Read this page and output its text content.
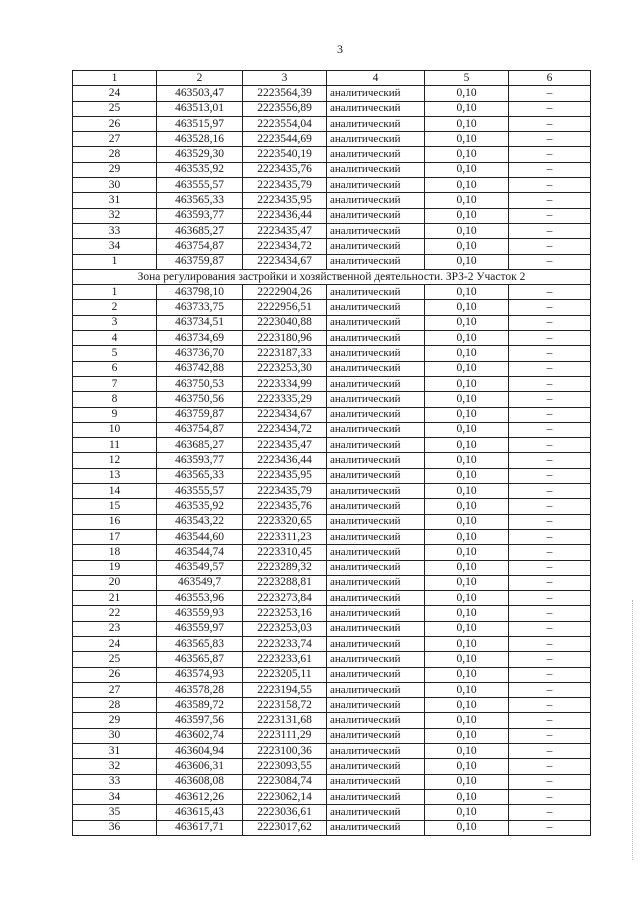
3
1	2	3	4	5	6
24	463503,47	2223564,39	аналитический	0,10	–
25	463513,01	2223556,89	аналитический	0,10	–
26	463515,97	2223554,04	аналитический	0,10	–
27	463528,16	2223544,69	аналитический	0,10	–
28	463529,30	2223540,19	аналитический	0,10	–
29	463535,92	2223435,76	аналитический	0,10	–
30	463555,57	2223435,79	аналитический	0,10	–
31	463565,33	2223435,95	аналитический	0,10	–
32	463593,77	2223436,44	аналитический	0,10	–
33	463685,27	2223435,47	аналитический	0,10	–
34	463754,87	2223434,72	аналитический	0,10	–
1	463759,87	2223434,67	аналитический	0,10	–
Зона регулирования застройки и хозяйственной деятельности. ЗРЗ-2 Участок 2					
1	463798,10	2222904,26	аналитический	0,10	–
2	463733,75	2222956,51	аналитический	0,10	–
3	463734,51	2223040,88	аналитический	0,10	–
4	463734,69	2223180,96	аналитический	0,10	–
5	463736,70	2223187,33	аналитический	0,10	–
6	463742,88	2223253,30	аналитический	0,10	–
7	463750,53	2223334,99	аналитический	0,10	–
8	463750,56	2223335,29	аналитический	0,10	–
9	463759,87	2223434,67	аналитический	0,10	–
10	463754,87	2223434,72	аналитический	0,10	–
11	463685,27	2223435,47	аналитический	0,10	–
12	463593,77	2223436,44	аналитический	0,10	–
13	463565,33	2223435,95	аналитический	0,10	–
14	463555,57	2223435,79	аналитический	0,10	–
15	463535,92	2223435,76	аналитический	0,10	–
16	463543,22	2223320,65	аналитический	0,10	–
17	463544,60	2223311,23	аналитический	0,10	–
18	463544,74	2223310,45	аналитический	0,10	–
19	463549,57	2223289,32	аналитический	0,10	–
20	463549,7	2223288,81	аналитический	0,10	–
21	463553,96	2223273,84	аналитический	0,10	–
22	463559,93	2223253,16	аналитический	0,10	–
23	463559,97	2223253,03	аналитический	0,10	–
24	463565,83	2223233,74	аналитический	0,10	–
25	463565,87	2223233,61	аналитический	0,10	–
26	463574,93	2223205,11	аналитический	0,10	–
27	463578,28	2223194,55	аналитический	0,10	–
28	463589,72	2223158,72	аналитический	0,10	–
29	463597,56	2223131,68	аналитический	0,10	–
30	463602,74	2223111,29	аналитический	0,10	–
31	463604,94	2223100,36	аналитический	0,10	–
32	463606,31	2223093,55	аналитический	0,10	–
33	463608,08	2223084,74	аналитический	0,10	–
34	463612,26	2223062,14	аналитический	0,10	–
35	463615,43	2223036,61	аналитический	0,10	–
36	463617,71	2223017,62	аналитический	0,10	–
